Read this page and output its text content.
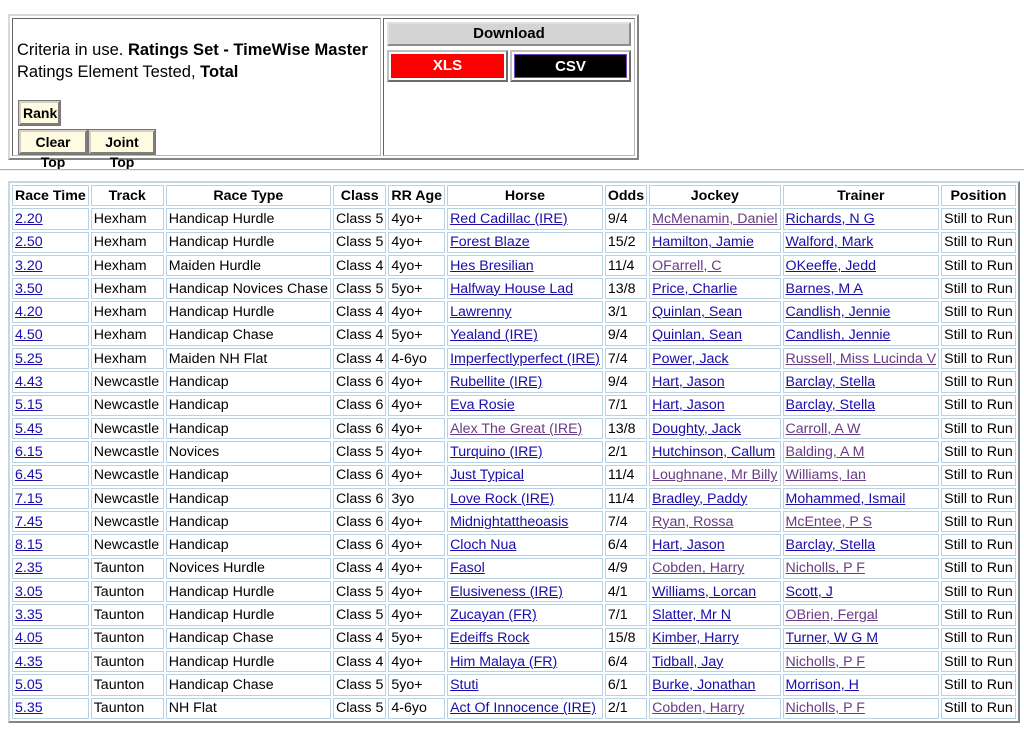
Criteria in use. Ratings Set - TimeWise Master
Ratings Element Tested, Total
Rank
Clear Top
Joint Top
Download
XLS	CSV
Race Time	Track	Race Type	Class	RR Age	Horse	Odds	Jockey	Trainer	Position
2.20	Hexham	Handicap Hurdle	Class 5	4yo+	Red Cadillac (IRE)	9/4	McMenamin, Daniel	Richards, N G	Still to Run
2.50	Hexham	Handicap Hurdle	Class 5	4yo+	Forest Blaze	15/2	Hamilton, Jamie	Walford, Mark	Still to Run
3.20	Hexham	Maiden Hurdle	Class 4	4yo+	Hes Bresilian	11/4	OFarrell, C	OKeeffe, Jedd	Still to Run
3.50	Hexham	Handicap Novices Chase	Class 5	5yo+	Halfway House Lad	13/8	Price, Charlie	Barnes, M A	Still to Run
4.20	Hexham	Handicap Hurdle	Class 4	4yo+	Lawrenny	3/1	Quinlan, Sean	Candlish, Jennie	Still to Run
4.50	Hexham	Handicap Chase	Class 4	5yo+	Yealand (IRE)	9/4	Quinlan, Sean	Candlish, Jennie	Still to Run
5.25	Hexham	Maiden NH Flat	Class 4	4-6yo	Imperfectlyperfect (IRE)	7/4	Power, Jack	Russell, Miss Lucinda V	Still to Run
4.43	Newcastle	Handicap	Class 6	4yo+	Rubellite (IRE)	9/4	Hart, Jason	Barclay, Stella	Still to Run
5.15	Newcastle	Handicap	Class 6	4yo+	Eva Rosie	7/1	Hart, Jason	Barclay, Stella	Still to Run
5.45	Newcastle	Handicap	Class 6	4yo+	Alex The Great (IRE)	13/8	Doughty, Jack	Carroll, A W	Still to Run
6.15	Newcastle	Novices	Class 5	4yo+	Turquino (IRE)	2/1	Hutchinson, Callum	Balding, A M	Still to Run
6.45	Newcastle	Handicap	Class 6	4yo+	Just Typical	11/4	Loughnane, Mr Billy	Williams, Ian	Still to Run
7.15	Newcastle	Handicap	Class 6	3yo	Love Rock (IRE)	11/4	Bradley, Paddy	Mohammed, Ismail	Still to Run
7.45	Newcastle	Handicap	Class 6	4yo+	Midnightattheoasis	7/4	Ryan, Rossa	McEntee, P S	Still to Run
8.15	Newcastle	Handicap	Class 6	4yo+	Cloch Nua	6/4	Hart, Jason	Barclay, Stella	Still to Run
2.35	Taunton	Novices Hurdle	Class 4	4yo+	Fasol	4/9	Cobden, Harry	Nicholls, P F	Still to Run
3.05	Taunton	Handicap Hurdle	Class 5	4yo+	Elusiveness (IRE)	4/1	Williams, Lorcan	Scott, J	Still to Run
3.35	Taunton	Handicap Hurdle	Class 5	4yo+	Zucayan (FR)	7/1	Slatter, Mr N	OBrien, Fergal	Still to Run
4.05	Taunton	Handicap Chase	Class 4	5yo+	Edeiffs Rock	15/8	Kimber, Harry	Turner, W G M	Still to Run
4.35	Taunton	Handicap Hurdle	Class 4	4yo+	Him Malaya (FR)	6/4	Tidball, Jay	Nicholls, P F	Still to Run
5.05	Taunton	Handicap Chase	Class 5	5yo+	Stuti	6/1	Burke, Jonathan	Morrison, H	Still to Run
5.35	Taunton	NH Flat	Class 5	4-6yo	Act Of Innocence (IRE)	2/1	Cobden, Harry	Nicholls, P F	Still to Run
